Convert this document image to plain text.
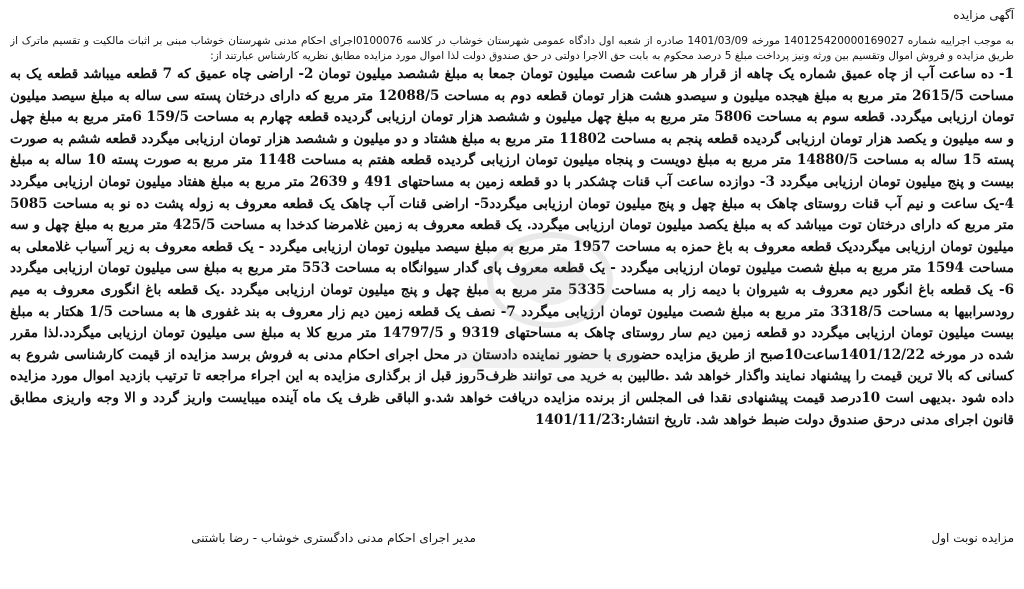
آگهی مزایده

به موجب اجراییه شماره 140125420000169027 مورخه 1401/03/09 صادره از شعبه اول دادگاه عمومی شهرستان خوشاب در کلاسه 0100076اجرای احکام مدنی شهرستان خوشاب مبنی بر اثبات مالکیت و تقسیم ماترک از طریق مزایده و فروش اموال وتقسیم بین ورثه ونیز پرداخت مبلغ 5 درصد محکوم به بابت حق الاجرا دولتی در حق صندوق دولت لذا اموال مورد مزایده مطابق نظریه کارشناس عبارتند از:

1- ده ساعت آب از چاه عمیق شماره یک چاهه از قرار هر ساعت شصت میلیون تومان جمعا به مبلغ ششصد میلیون تومان 2- اراضی چاه عمیق که 7 قطعه میباشد قطعه یک به مساحت 2615/5 متر مربع به مبلغ هیجده میلیون و سیصدو هشت هزار تومان قطعه دوم به مساحت 12088/5 متر مربع که دارای درختان پسته سی ساله به مبلغ سیصد میلیون تومان ارزیابی میگردد. قطعه سوم به مساحت 5806 متر مربع به مبلغ چهل میلیون و ششصد هزار تومان ارزیابی گردیده قطعه چهارم به مساحت 159/5 6متر مربع به مبلغ چهل و سه میلیون و یکصد هزار تومان ارزیابی گردیده قطعه پنجم به مساحت 11802 متر مربع به مبلغ هشتاد و دو میلیون و ششصد هزار تومان ارزیابی میگردد قطعه ششم به صورت پسته 15 ساله به مساحت 14880/5 متر مربع به مبلغ دویست و پنجاه میلیون تومان ارزیابی گردیده قطعه هفتم به مساحت 1148 متر مربع به صورت پسته 10 ساله به مبلغ بیست و پنج میلیون تومان ارزیابی میگردد 3- دوازده ساعت آب قنات چشکدر با دو قطعه زمین به مساحتهای 491 و 2639 متر مربع به مبلغ هفتاد میلیون تومان ارزیابی میگردد 4-یک ساعت و نیم آب قنات روستای چاهک به مبلغ چهل و پنج میلیون تومان ارزیابی میگردد5- اراضی قنات آب چاهک یک قطعه معروف به زوله پشت ده نو به مساحت 5085 متر مربع که دارای درختان توت میباشد که به مبلغ یکصد میلیون تومان ارزیابی میگردد. یک قطعه معروف به زمین غلامرضا کدخدا به مساحت 425/5 متر مربع به مبلغ چهل و سه میلیون تومان ارزیابی میگرددیک قطعه معروف به باغ حمزه به مساحت 1957 متر مربع به مبلغ سیصد میلیون تومان ارزیابی میگردد - یک قطعه معروف به زیر آسیاب غلامعلی به مساحت 1594 متر مربع به مبلغ شصت میلیون تومان ارزیابی میگردد - یک قطعه معروف پای گدار سیوانگاه به مساحت 553 متر مربع به مبلغ سی میلیون تومان ارزیابی میگردد 6- یک قطعه باغ انگور دیم معروف به شیروان با دیمه زار به مساحت 5335 متر مربع به مبلغ چهل و پنج میلیون تومان ارزیابی میگردد .یک قطعه باغ انگوری معروف به میم رودسرابیها به مساحت 3318/5 متر مربع به مبلغ شصت میلیون تومان ارزیابی میگردد 7- نصف یک قطعه زمین دیم زار معروف به بند غفوری ها به مساحت 1/5 هکتار به مبلغ بیست میلیون تومان ارزیابی میگردد دو قطعه زمین دیم سار روستای چاهک به مساحتهای 9319 و 14797/5 متر مربع کلا به مبلغ سی میلیون تومان ارزیابی میگردد.لذا مقرر شده در مورخه 1401/12/22ساعت10صبح از طریق مزایده حضوری با حضور نماینده دادستان در محل اجرای احکام مدنی به فروش برسد مزایده از قیمت کارشناسی شروع به کسانی که بالا ترین قیمت را پیشنهاد نمایند واگذار خواهد شد .طالبین به خرید می توانند ظرف5روز قبل از برگذاری مزایده به این اجراء مراجعه تا ترتیب بازدید اموال مورد مزایده داده شود .بدیهی است 10درصد قیمت پیشنهادی نقدا فی المجلس از برنده مزایده دریافت خواهد شد.و الباقی ظرف یک ماه آینده میبایست واریز گردد و الا وجه واریزی مطابق قانون اجرای مدنی درحق صندوق دولت ضبط خواهد شد. تاریخ انتشار:1401/11/23

مزایده نوبت اول
مدیر اجرای احکام مدنی دادگستری خوشاب - رضا باشتنی
